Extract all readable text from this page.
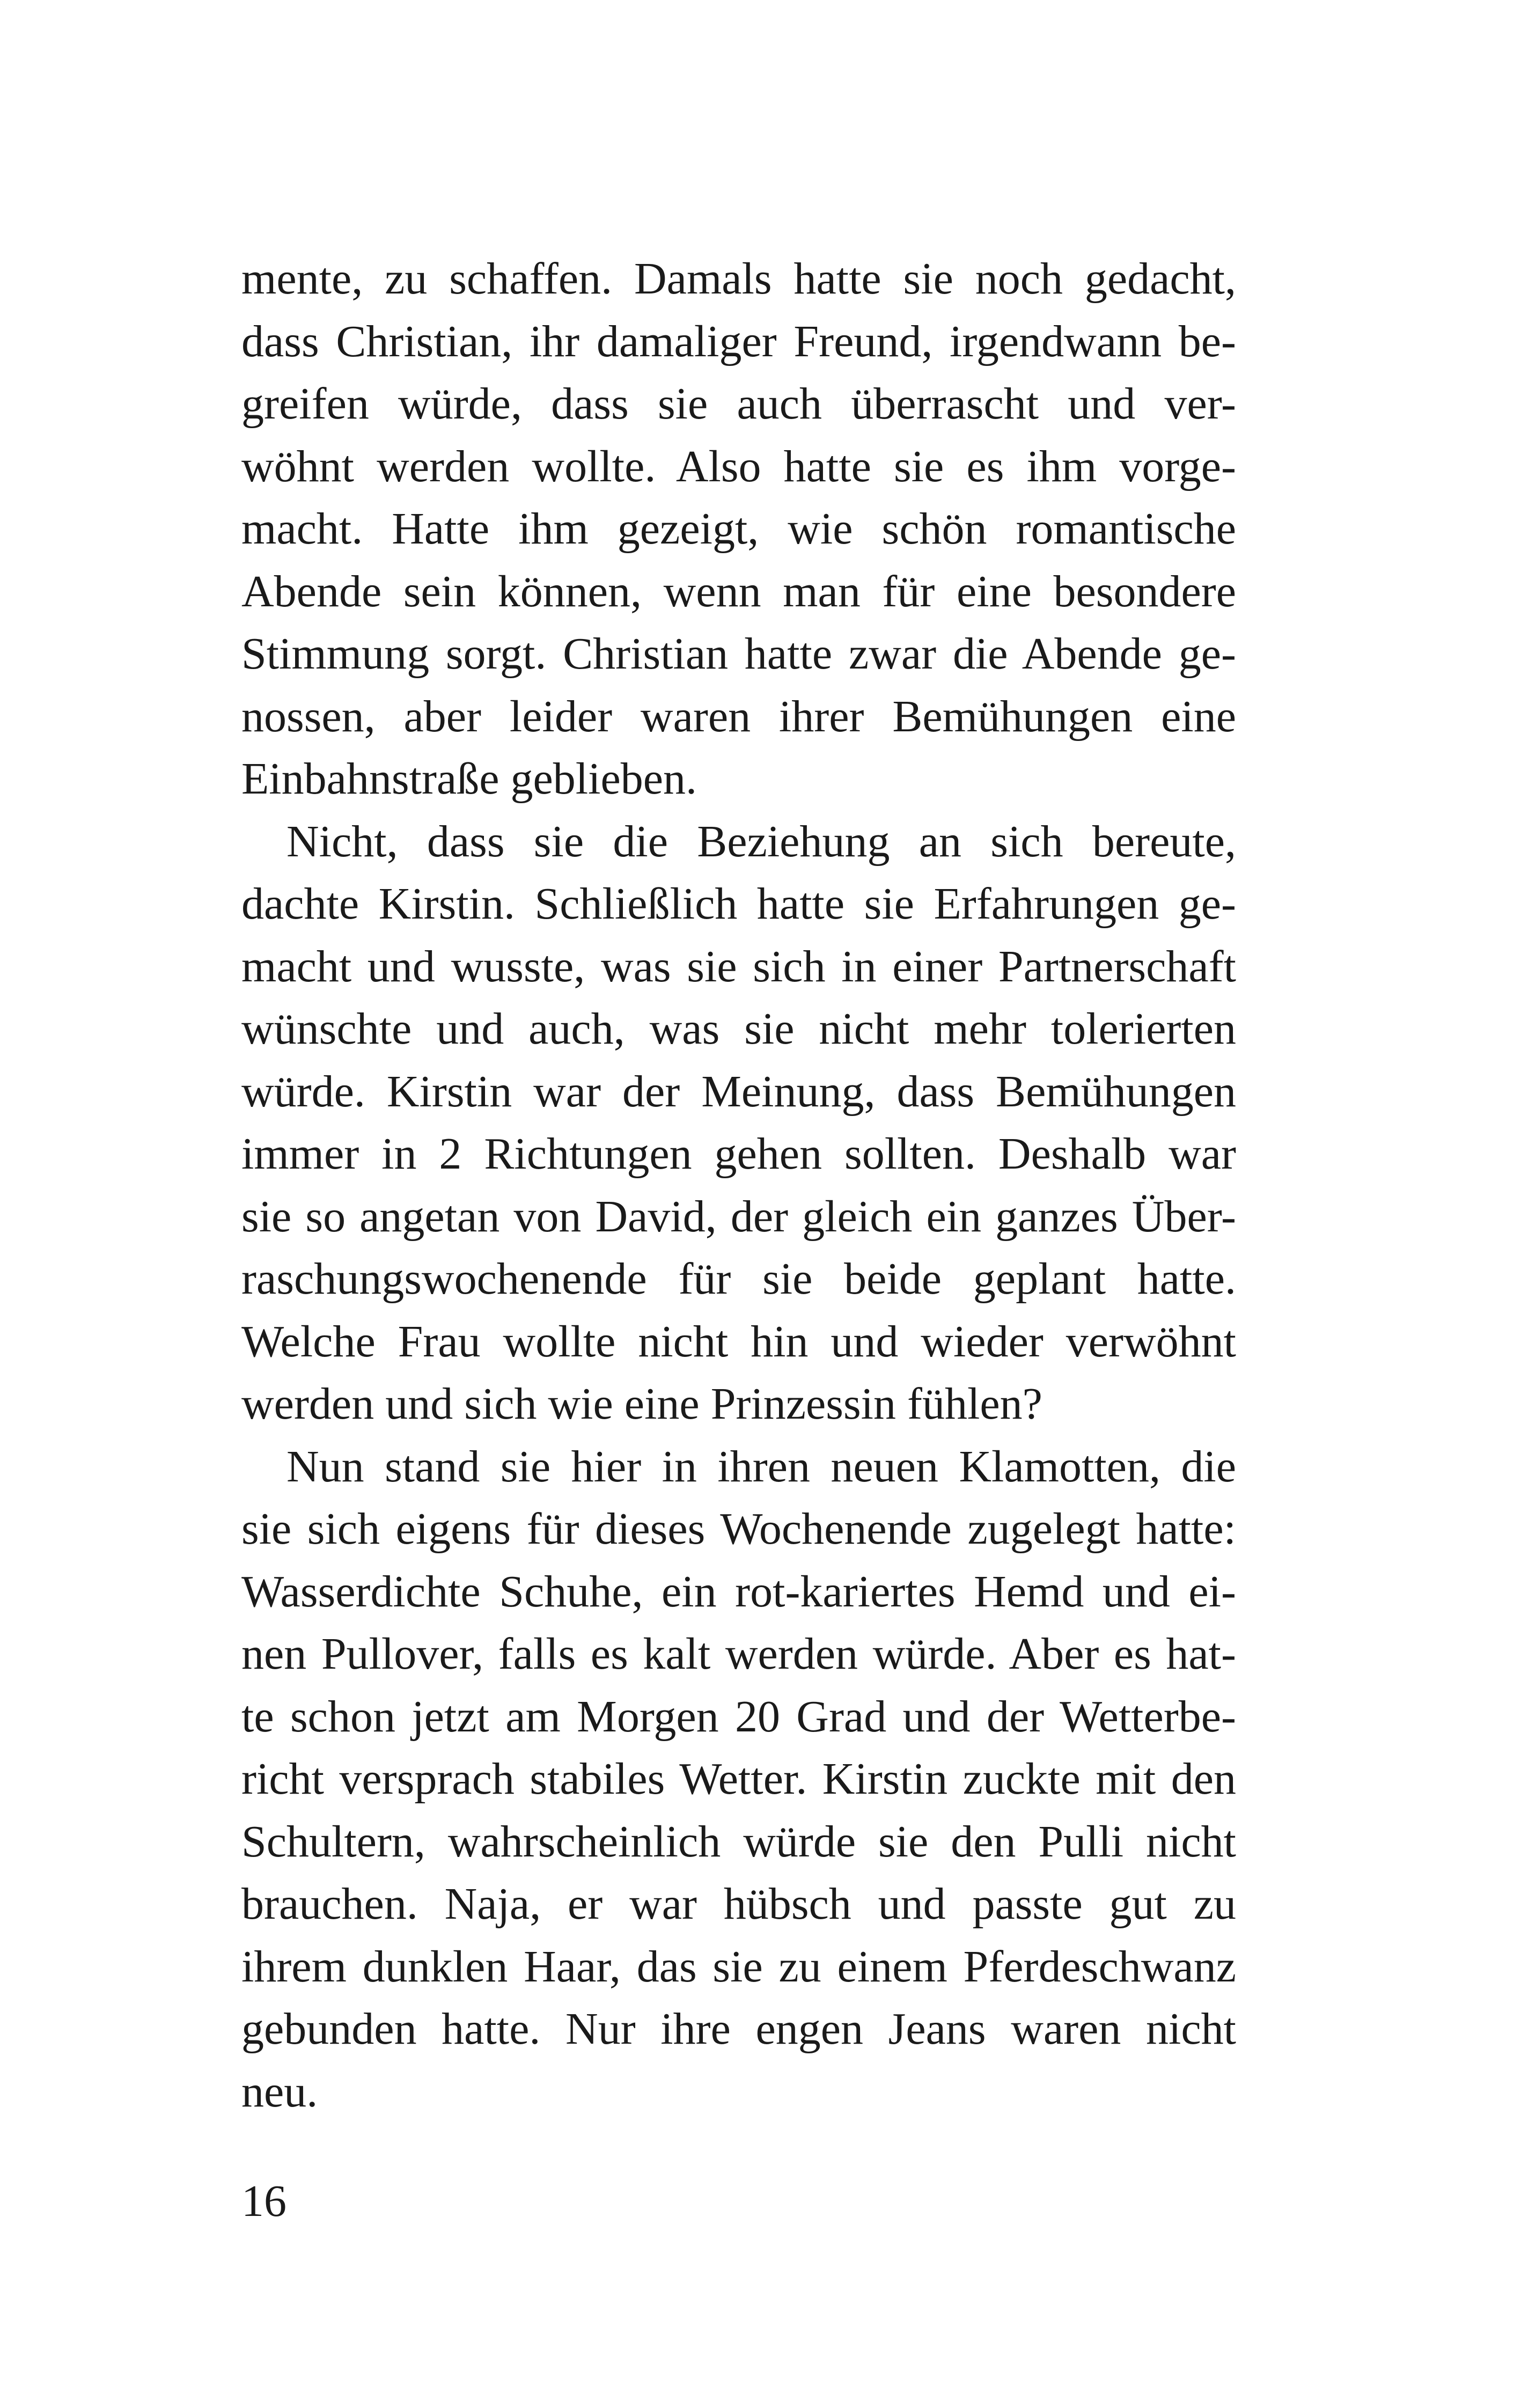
mente, zu schaffen. Damals hatte sie noch gedacht,
dass Christian, ihr damaliger Freund, irgendwann be-
greifen würde, dass sie auch überrascht und ver-
wöhnt werden wollte. Also hatte sie es ihm vorge-
macht. Hatte ihm gezeigt, wie schön romantische
Abende sein können, wenn man für eine besondere
Stimmung sorgt. Christian hatte zwar die Abende ge-
nossen, aber leider waren ihrer Bemühungen eine
Einbahnstraße geblieben.
Nicht, dass sie die Beziehung an sich bereute,
dachte Kirstin. Schließlich hatte sie Erfahrungen ge-
macht und wusste, was sie sich in einer Partnerschaft
wünschte und auch, was sie nicht mehr tolerierten
würde. Kirstin war der Meinung, dass Bemühungen
immer in 2 Richtungen gehen sollten. Deshalb war
sie so angetan von David, der gleich ein ganzes Über-
raschungswochenende für sie beide geplant hatte.
Welche Frau wollte nicht hin und wieder verwöhnt
werden und sich wie eine Prinzessin fühlen?
Nun stand sie hier in ihren neuen Klamotten, die
sie sich eigens für dieses Wochenende zugelegt hatte:
Wasserdichte Schuhe, ein rot-kariertes Hemd und ei-
nen Pullover, falls es kalt werden würde. Aber es hat-
te schon jetzt am Morgen 20 Grad und der Wetterbe-
richt versprach stabiles Wetter. Kirstin zuckte mit den
Schultern, wahrscheinlich würde sie den Pulli nicht
brauchen. Naja, er war hübsch und passte gut zu
ihrem dunklen Haar, das sie zu einem Pferdeschwanz
gebunden hatte. Nur ihre engen Jeans waren nicht
neu.
16
